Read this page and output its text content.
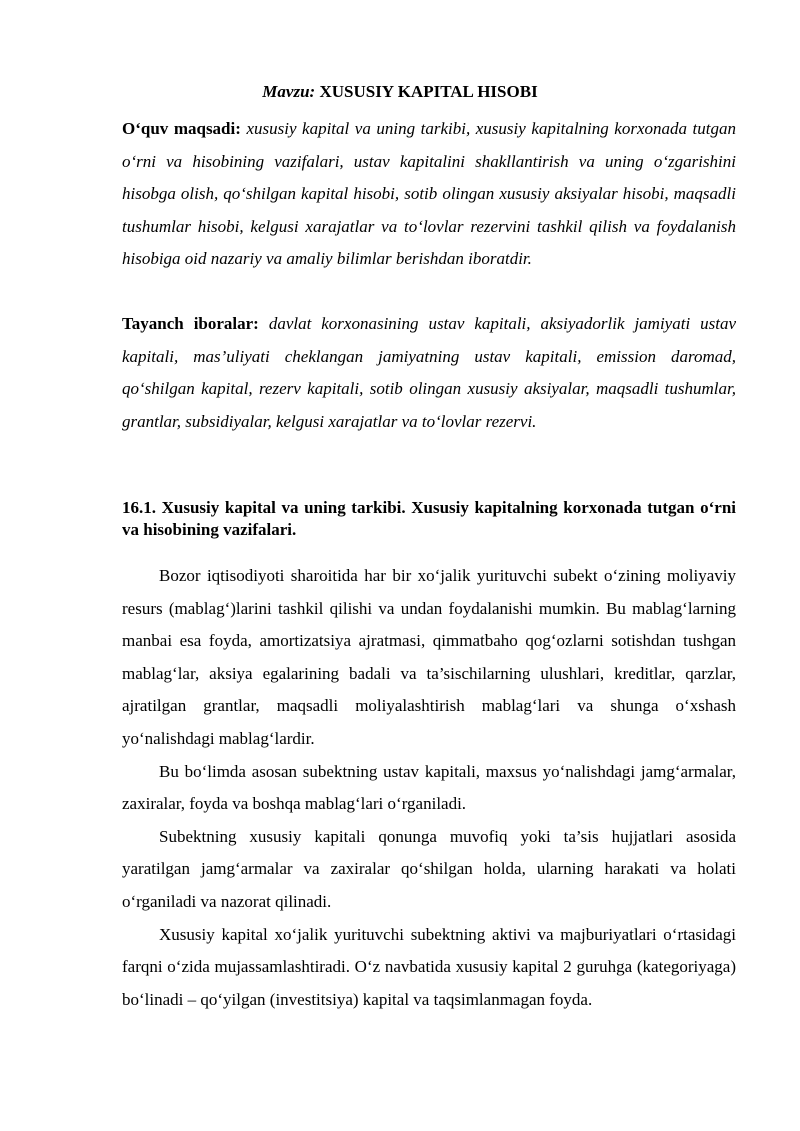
Mavzu: XUSUSIY KAPITAL HISOBI
O‘quv maqsadi: xususiy kapital va uning tarkibi, xususiy kapitalning korxonada tutgan o‘rni va hisobining vazifalari, ustav kapitalini shakllantirish va uning o‘zgarishini hisobga olish, qo‘shilgan kapital hisobi, sotib olingan xususiy aksiyalar hisobi, maqsadli tushumlar hisobi, kelgusi xarajatlar va to‘lovlar rezervini tashkil qilish va foydalanish hisobiga oid nazariy va amaliy bilimlar berishdan iboratdir.
Tayanch iboralar: davlat korxonasining ustav kapitali, aksiyadorlik jamiyati ustav kapitali, mas’uliyati cheklangan jamiyatning ustav kapitali, emission daromad, qo‘shilgan kapital, rezerv kapitali, sotib olingan xususiy aksiyalar, maqsadli tushumlar, grantlar, subsidiyalar, kelgusi xarajatlar va to‘lovlar rezervi.
16.1. Xususiy kapital va uning tarkibi. Xususiy kapitalning korxonada tutgan o‘rni va hisobining vazifalari.

Bozor iqtisodiyoti sharoitida har bir xo‘jalik yurituvchi subekt o‘zining moliyaviy resurs (mablag‘)larini tashkil qilishi va undan foydalanishi mumkin. Bu mablag‘larning manbai esa foyda, amortizatsiya ajratmasi, qimmatbaho qog‘ozlarni sotishdan tushgan mablag‘lar, aksiya egalarining badali va ta’sischilarning ulushlari, kreditlar, qarzlar, ajratilgan grantlar, maqsadli moliyalashtirish mablag‘lari va shunga o‘xshash yo‘nalishdagi mablag‘lardir.

Bu bo‘limda asosan subektning ustav kapitali, maxsus yo‘nalishdagi jamg‘armalar, zaxiralar, foyda va boshqa mablag‘lari o‘rganiladi.

Subektning xususiy kapitali qonunga muvofiq yoki ta’sis hujjatlari asosida yaratilgan jamg‘armalar va zaxiralar qo‘shilgan holda, ularning harakati va holati o‘rganiladi va nazorat qilinadi.

Xususiy kapital xo‘jalik yurituvchi subektning aktivi va majburiyatlari o‘rtasidagi farqni o‘zida mujassamlashtiradi. O‘z navbatida xususiy kapital 2 guruhga (kategoriyaga) bo‘linadi – qo‘yilgan (investitsiya) kapital va taqsimlanmagan foyda.
